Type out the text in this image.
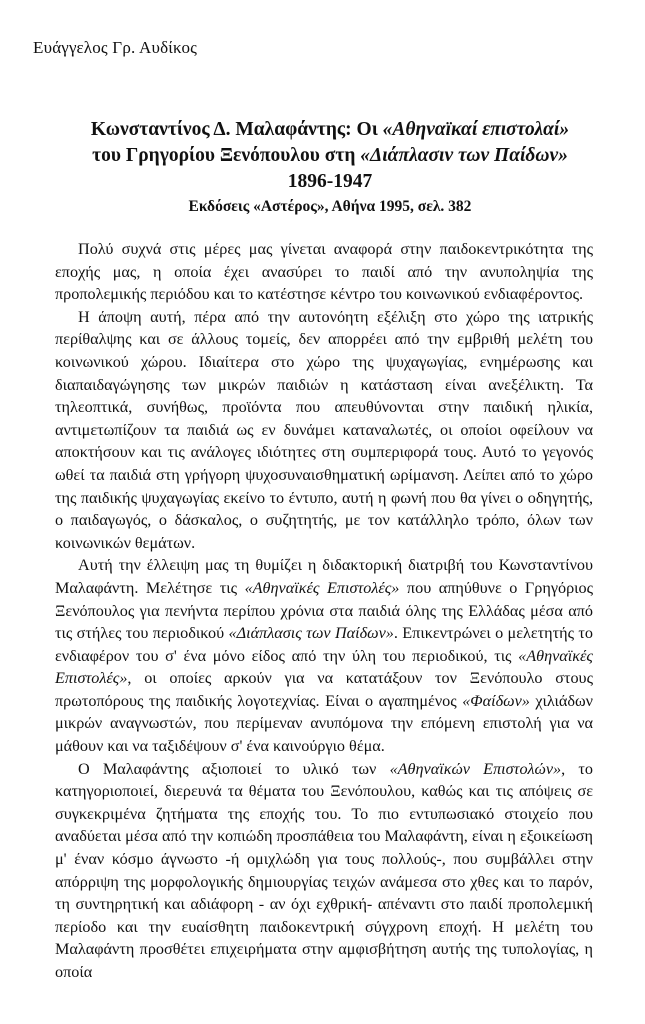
Ευάγγελος Γρ. Αυδίκος
Κωνσταντίνος Δ. Μαλαφάντης: Οι «Αθηναϊκαί επιστολαί»
του Γρηγορίου Ξενόπουλου στη «Διάπλασιν των Παίδων»
1896-1947
Εκδόσεις «Αστέρος», Αθήνα 1995, σελ. 382

Πολύ συχνά στις μέρες μας γίνεται αναφορά στην παιδοκεντρικότητα της εποχής μας, η οποία έχει ανασύρει το παιδί από την ανυποληψία της προπολεμικής περιόδου και το κατέστησε κέντρο του κοινωνικού ενδιαφέροντος.

Η άποψη αυτή, πέρα από την αυτονόητη εξέλιξη στο χώρο της ιατρικής περίθαλψης και σε άλλους τομείς, δεν απορρέει από την εμβριθή μελέτη του κοινωνικού χώρου. Ιδιαίτερα στο χώρο της ψυχαγωγίας, ενημέρωσης και διαπαιδαγώγησης των μικρών παιδιών η κατάσταση είναι ανεξέλικτη. Τα τηλεοπτικά, συνήθως, προϊόντα που απευθύνονται στην παιδική ηλικία, αντιμετωπίζουν τα παιδιά ως εν δυνάμει καταναλωτές, οι οποίοι οφείλουν να αποκτήσουν και τις ανάλογες ιδιότητες στη συμπεριφορά τους. Αυτό το γεγονός ωθεί τα παιδιά στη γρήγορη ψυχοσυναισθηματική ωρίμανση. Λείπει από το χώρο της παιδικής ψυχαγωγίας εκείνο το έντυπο, αυτή η φωνή που θα γίνει ο οδηγητής, ο παιδαγωγός, ο δάσκαλος, ο συζητητής, με τον κατάλληλο τρόπο, όλων των κοινωνικών θεμάτων.

Αυτή την έλλειψη μας τη θυμίζει η διδακτορική διατριβή του Κωνσταντίνου Μαλαφάντη. Μελέτησε τις «Αθηναϊκές Επιστολές» που απηύθυνε ο Γρηγόριος Ξενόπουλος για πενήντα περίπου χρόνια στα παιδιά όλης της Ελλάδας μέσα από τις στήλες του περιοδικού «Διάπλασις των Παίδων». Επικεντρώνει ο μελετητής το ενδιαφέρον του σ' ένα μόνο είδος από την ύλη του περιοδικού, τις «Αθηναϊκές Επιστολές», οι οποίες αρκούν για να κατατάξουν τον Ξενόπουλο στους πρωτοπόρους της παιδικής λογοτεχνίας. Είναι ο αγαπημένος «Φαίδων» χιλιάδων μικρών αναγνωστών, που περίμεναν ανυπόμονα την επόμενη επιστολή για να μάθουν και να ταξιδέψουν σ' ένα καινούργιο θέμα.

Ο Μαλαφάντης αξιοποιεί το υλικό των «Αθηναϊκών Επιστολών», το κατηγοριοποιεί, διερευνά τα θέματα του Ξενόπουλου, καθώς και τις απόψεις σε συγκεκριμένα ζητήματα της εποχής του. Το πιο εντυπωσιακό στοιχείο που αναδύεται μέσα από την κοπιώδη προσπάθεια του Μαλαφάντη, είναι η εξοικείωση μ' έναν κόσμο άγνωστο -ή ομιχλώδη για τους πολλούς-, που συμβάλλει στην απόρριψη της μορφολογικής δημιουργίας τειχών ανάμεσα στο χθες και το παρόν, τη συντηρητική και αδιάφορη - αν όχι εχθρική- απέναντι στο παιδί προπολεμική περίοδο και την ευαίσθητη παιδοκεντρική σύγχρονη εποχή. Η μελέτη του Μαλαφάντη προσθέτει επιχειρήματα στην αμφισβήτηση αυτής της τυπολογίας, η οποία
